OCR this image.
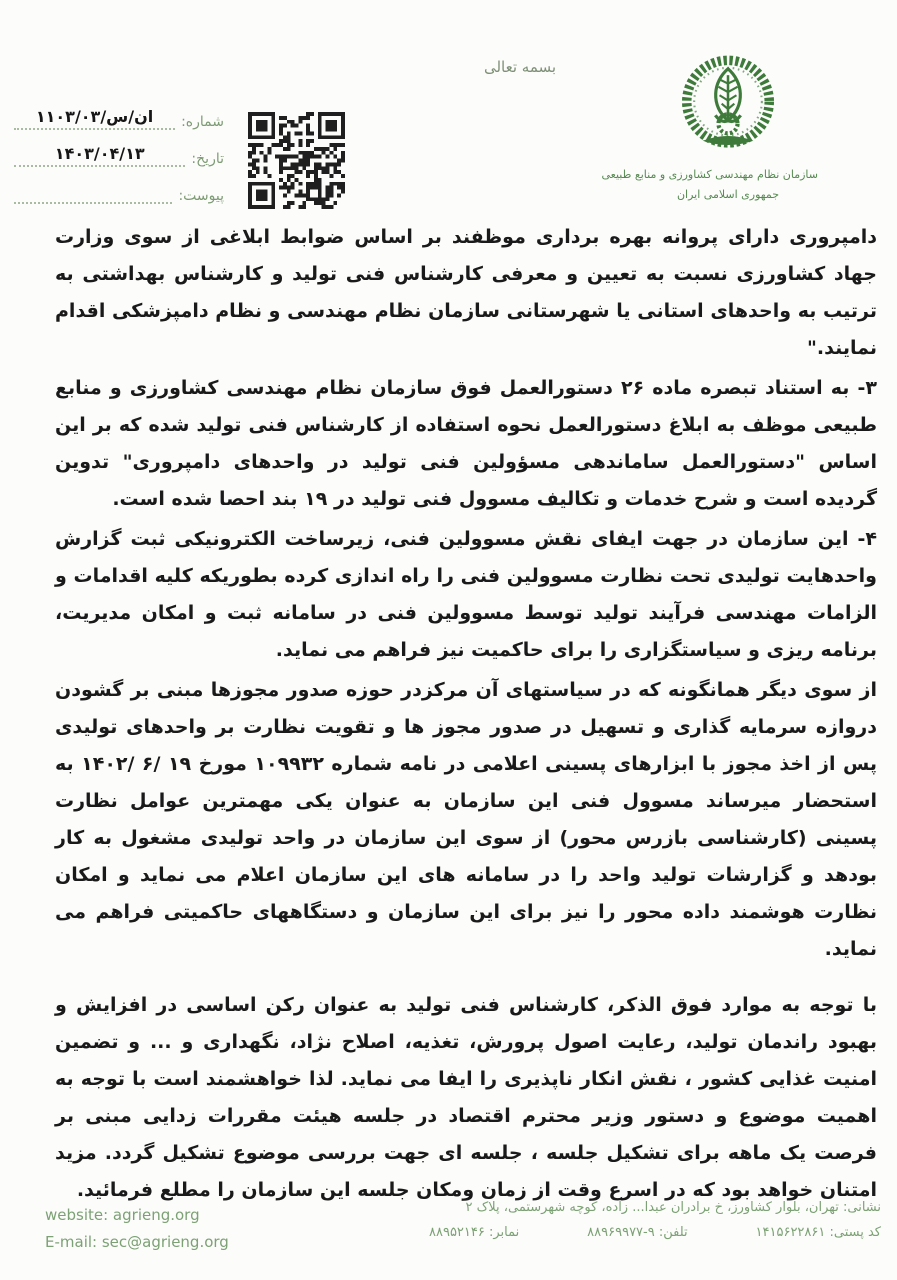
بسمه تعالی
شماره:
ان/س/۱۱۰۳/۰۳
تاریخ:
۱۴۰۳/۰۴/۱۳
پیوست:
سازمان نظام مهندسی کشاورزی و منابع طبیعی
جمهوری اسلامی ایران

دامپروری دارای پروانه بهره برداری موظفند بر اساس ضوابط ابلاغی از سوی وزارت جهاد کشاورزی نسبت به تعیین و معرفی کارشناس فنی تولید و کارشناس بهداشتی به ترتیب به واحدهای استانی یا شهرستانی سازمان نظام مهندسی و نظام دامپزشکی اقدام نمایند."

۳- به استناد تبصره ماده ۲۶ دستورالعمل فوق سازمان نظام مهندسی کشاورزی و منابع طبیعی موظف به ابلاغ دستورالعمل نحوه استفاده از کارشناس فنی تولید شده که بر این اساس "دستورالعمل ساماندهی مسؤولین فنی تولید در واحدهای دامپروری" تدوین گردیده است و شرح خدمات و تکالیف مسوول فنی تولید در ۱۹ بند احصا شده است.

۴- این سازمان در جهت ایفای نقش مسوولین فنی، زیرساخت الکترونیکی ثبت گزارش واحدهایت تولیدی تحت نظارت مسوولین فنی را راه اندازی کرده بطوریکه کلیه اقدامات و الزامات مهندسی فرآیند تولید توسط مسوولین فنی در سامانه ثبت و امکان مدیریت، برنامه ریزی و سیاستگزاری را برای حاکمیت نیز فراهم می نماید.

از سوی دیگر همانگونه که در سیاستهای آن مرکزدر حوزه صدور مجوزها مبنی بر گشودن دروازه سرمایه گذاری و تسهیل در صدور مجوز ها و تقویت نظارت بر واحدهای تولیدی پس از اخذ مجوز با ابزارهای پسینی اعلامی در نامه شماره ۱۰۹۹۳۲ مورخ ۱۹ /۶ /۱۴۰۲ به استحضار میرساند مسوول فنی این سازمان به عنوان یکی مهمترین عوامل نظارت پسینی (کارشناسی بازرس محور) از سوی این سازمان در واحد تولیدی مشغول به کار بودهد و گزارشات تولید واحد را در سامانه های این سازمان اعلام می نماید و امکان نظارت هوشمند داده محور را نیز برای این سازمان و دستگاههای حاکمیتی فراهم می نماید.

با توجه به موارد فوق الذکر، کارشناس فنی تولید به عنوان رکن اساسی در افزایش و بهبود راندمان تولید، رعایت اصول پرورش، تغذیه، اصلاح نژاد، نگهداری و ... و تضمین امنیت غذایی کشور ، نقش انکار ناپذیری را ایفا می نماید. لذا خواهشمند است با توجه به اهمیت موضوع و دستور وزیر محترم اقتصاد در جلسه هیئت مقررات زدایی مبنی بر فرصت یک ماهه برای تشکیل جلسه ، جلسه ای جهت بررسی موضوع تشکیل گردد. مزید امتنان خواهد بود که در اسرع وقت از زمان ومکان جلسه این سازمان را مطلع فرمائید.

نشانی: تهران، بلوار کشاورز، خ برادران عبدا... زاده، کوچه شهرستمی، پلاک ۲
کد پستی: ۱۴۱۵۶۲۲۸۶۱
تلفن: ۹-۸۸۹۶۹۹۷۷
نمابر: ۸۸۹۵۲۱۴۶
website: agrieng.org
E-mail: sec@agrieng.org
